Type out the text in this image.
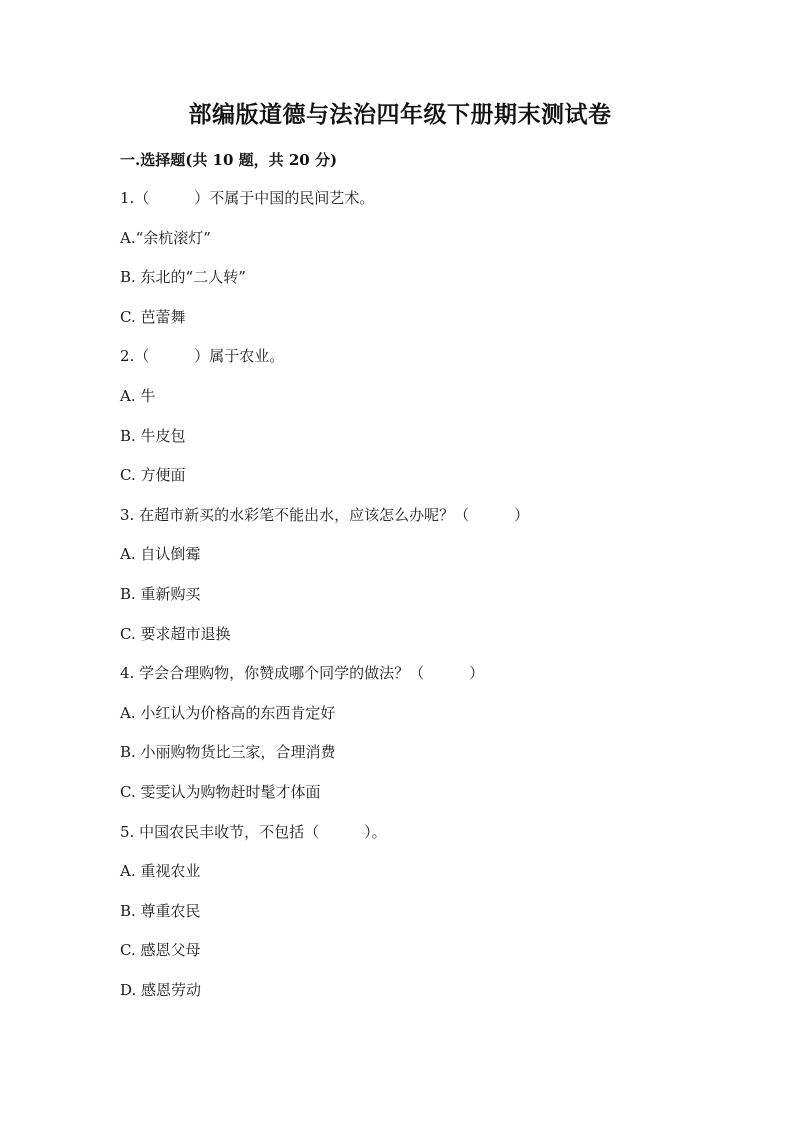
部编版道德与法治四年级下册期末测试卷
一.选择题(共 10 题，共 20 分)
1.（　　　）不属于中国的民间艺术。
A.“余杭滚灯”
B. 东北的“二人转”
C. 芭蕾舞
2.（　　　）属于农业。
A. 牛
B. 牛皮包
C. 方便面
3. 在超市新买的水彩笔不能出水，应该怎么办呢？（　　　）
A. 自认倒霉
B. 重新购买
C. 要求超市退换
4. 学会合理购物，你赞成哪个同学的做法？（　　　）
A. 小红认为价格高的东西肯定好
B. 小丽购物货比三家，合理消费
C. 雯雯认为购物赶时髦才体面
5. 中国农民丰收节，不包括（　　　）。
A. 重视农业
B. 尊重农民
C. 感恩父母
D. 感恩劳动
